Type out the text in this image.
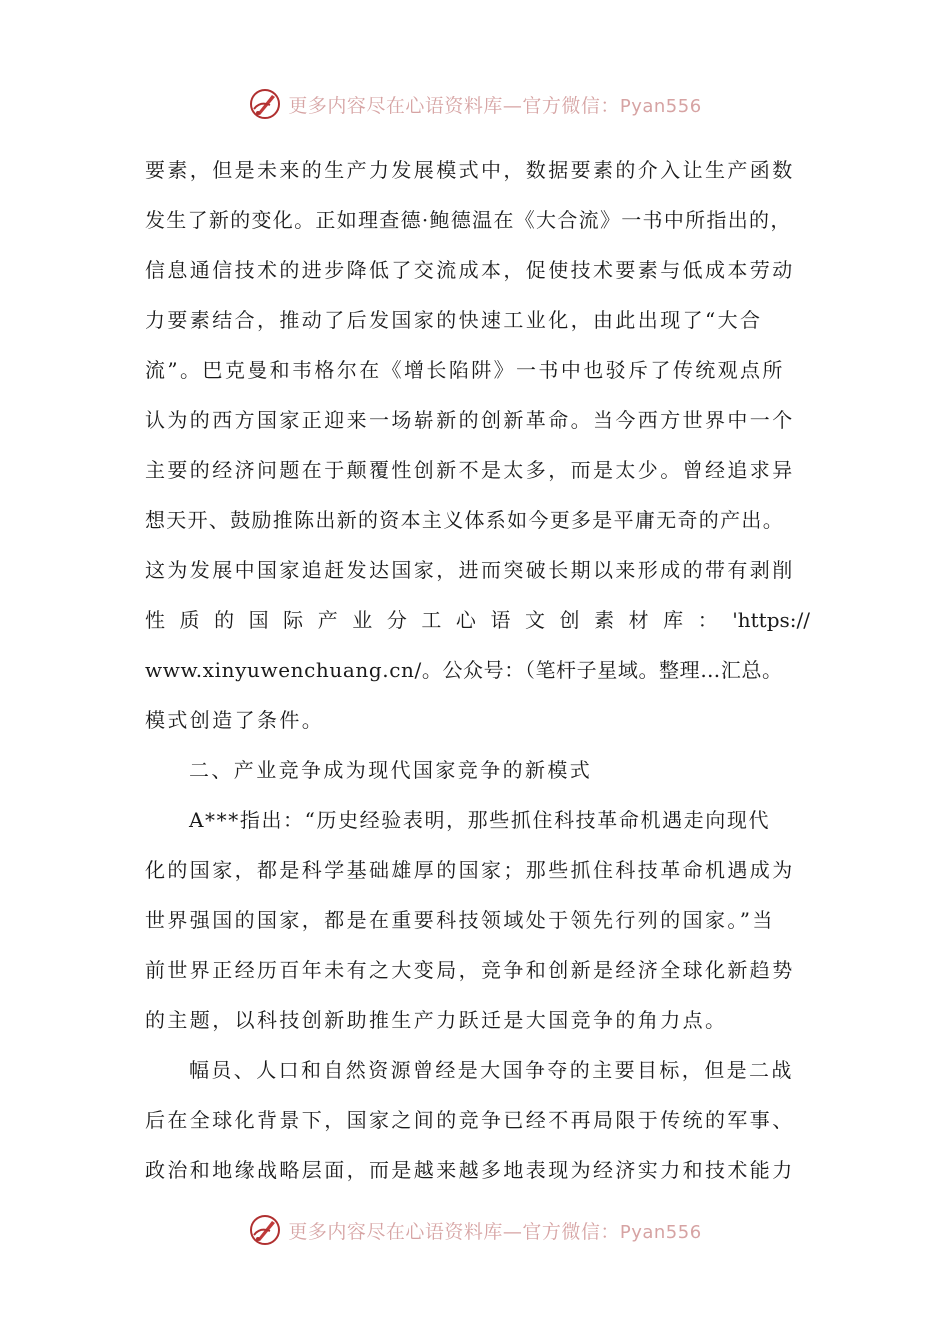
更多内容尽在心语资料库—官方微信：Pyan556
要素，但是未来的生产力发展模式中，数据要素的介入让生产函数
发生了新的变化。正如理查德·鲍德温在《大合流》一书中所指出的，
信息通信技术的进步降低了交流成本，促使技术要素与低成本劳动
力要素结合，推动了后发国家的快速工业化，由此出现了“大合
流”。巴克曼和韦格尔在《增长陷阱》一书中也驳斥了传统观点所
认为的西方国家正迎来一场崭新的创新革命。当今西方世界中一个
主要的经济问题在于颠覆性创新不是太多，而是太少。曾经追求异
想天开、鼓励推陈出新的资本主义体系如今更多是平庸无奇的产出。
这为发展中国家追赶发达国家，进而突破长期以来形成的带有剥削
性 质 的 国 际 产 业 分 工 心 语 文 创 素 材 库 ： 'https://
www.xinyuwenchuang.cn/。公众号：（笔杆子星域。整理…汇总。
模式创造了条件。
二、产业竞争成为现代国家竞争的新模式
A***指出：“历史经验表明，那些抓住科技革命机遇走向现代
化的国家，都是科学基础雄厚的国家；那些抓住科技革命机遇成为
世界强国的国家，都是在重要科技领域处于领先行列的国家。”当
前世界正经历百年未有之大变局，竞争和创新是经济全球化新趋势
的主题，以科技创新助推生产力跃迁是大国竞争的角力点。
幅员、人口和自然资源曾经是大国争夺的主要目标，但是二战
后在全球化背景下，国家之间的竞争已经不再局限于传统的军事、
政治和地缘战略层面，而是越来越多地表现为经济实力和技术能力
更多内容尽在心语资料库—官方微信：Pyan556
